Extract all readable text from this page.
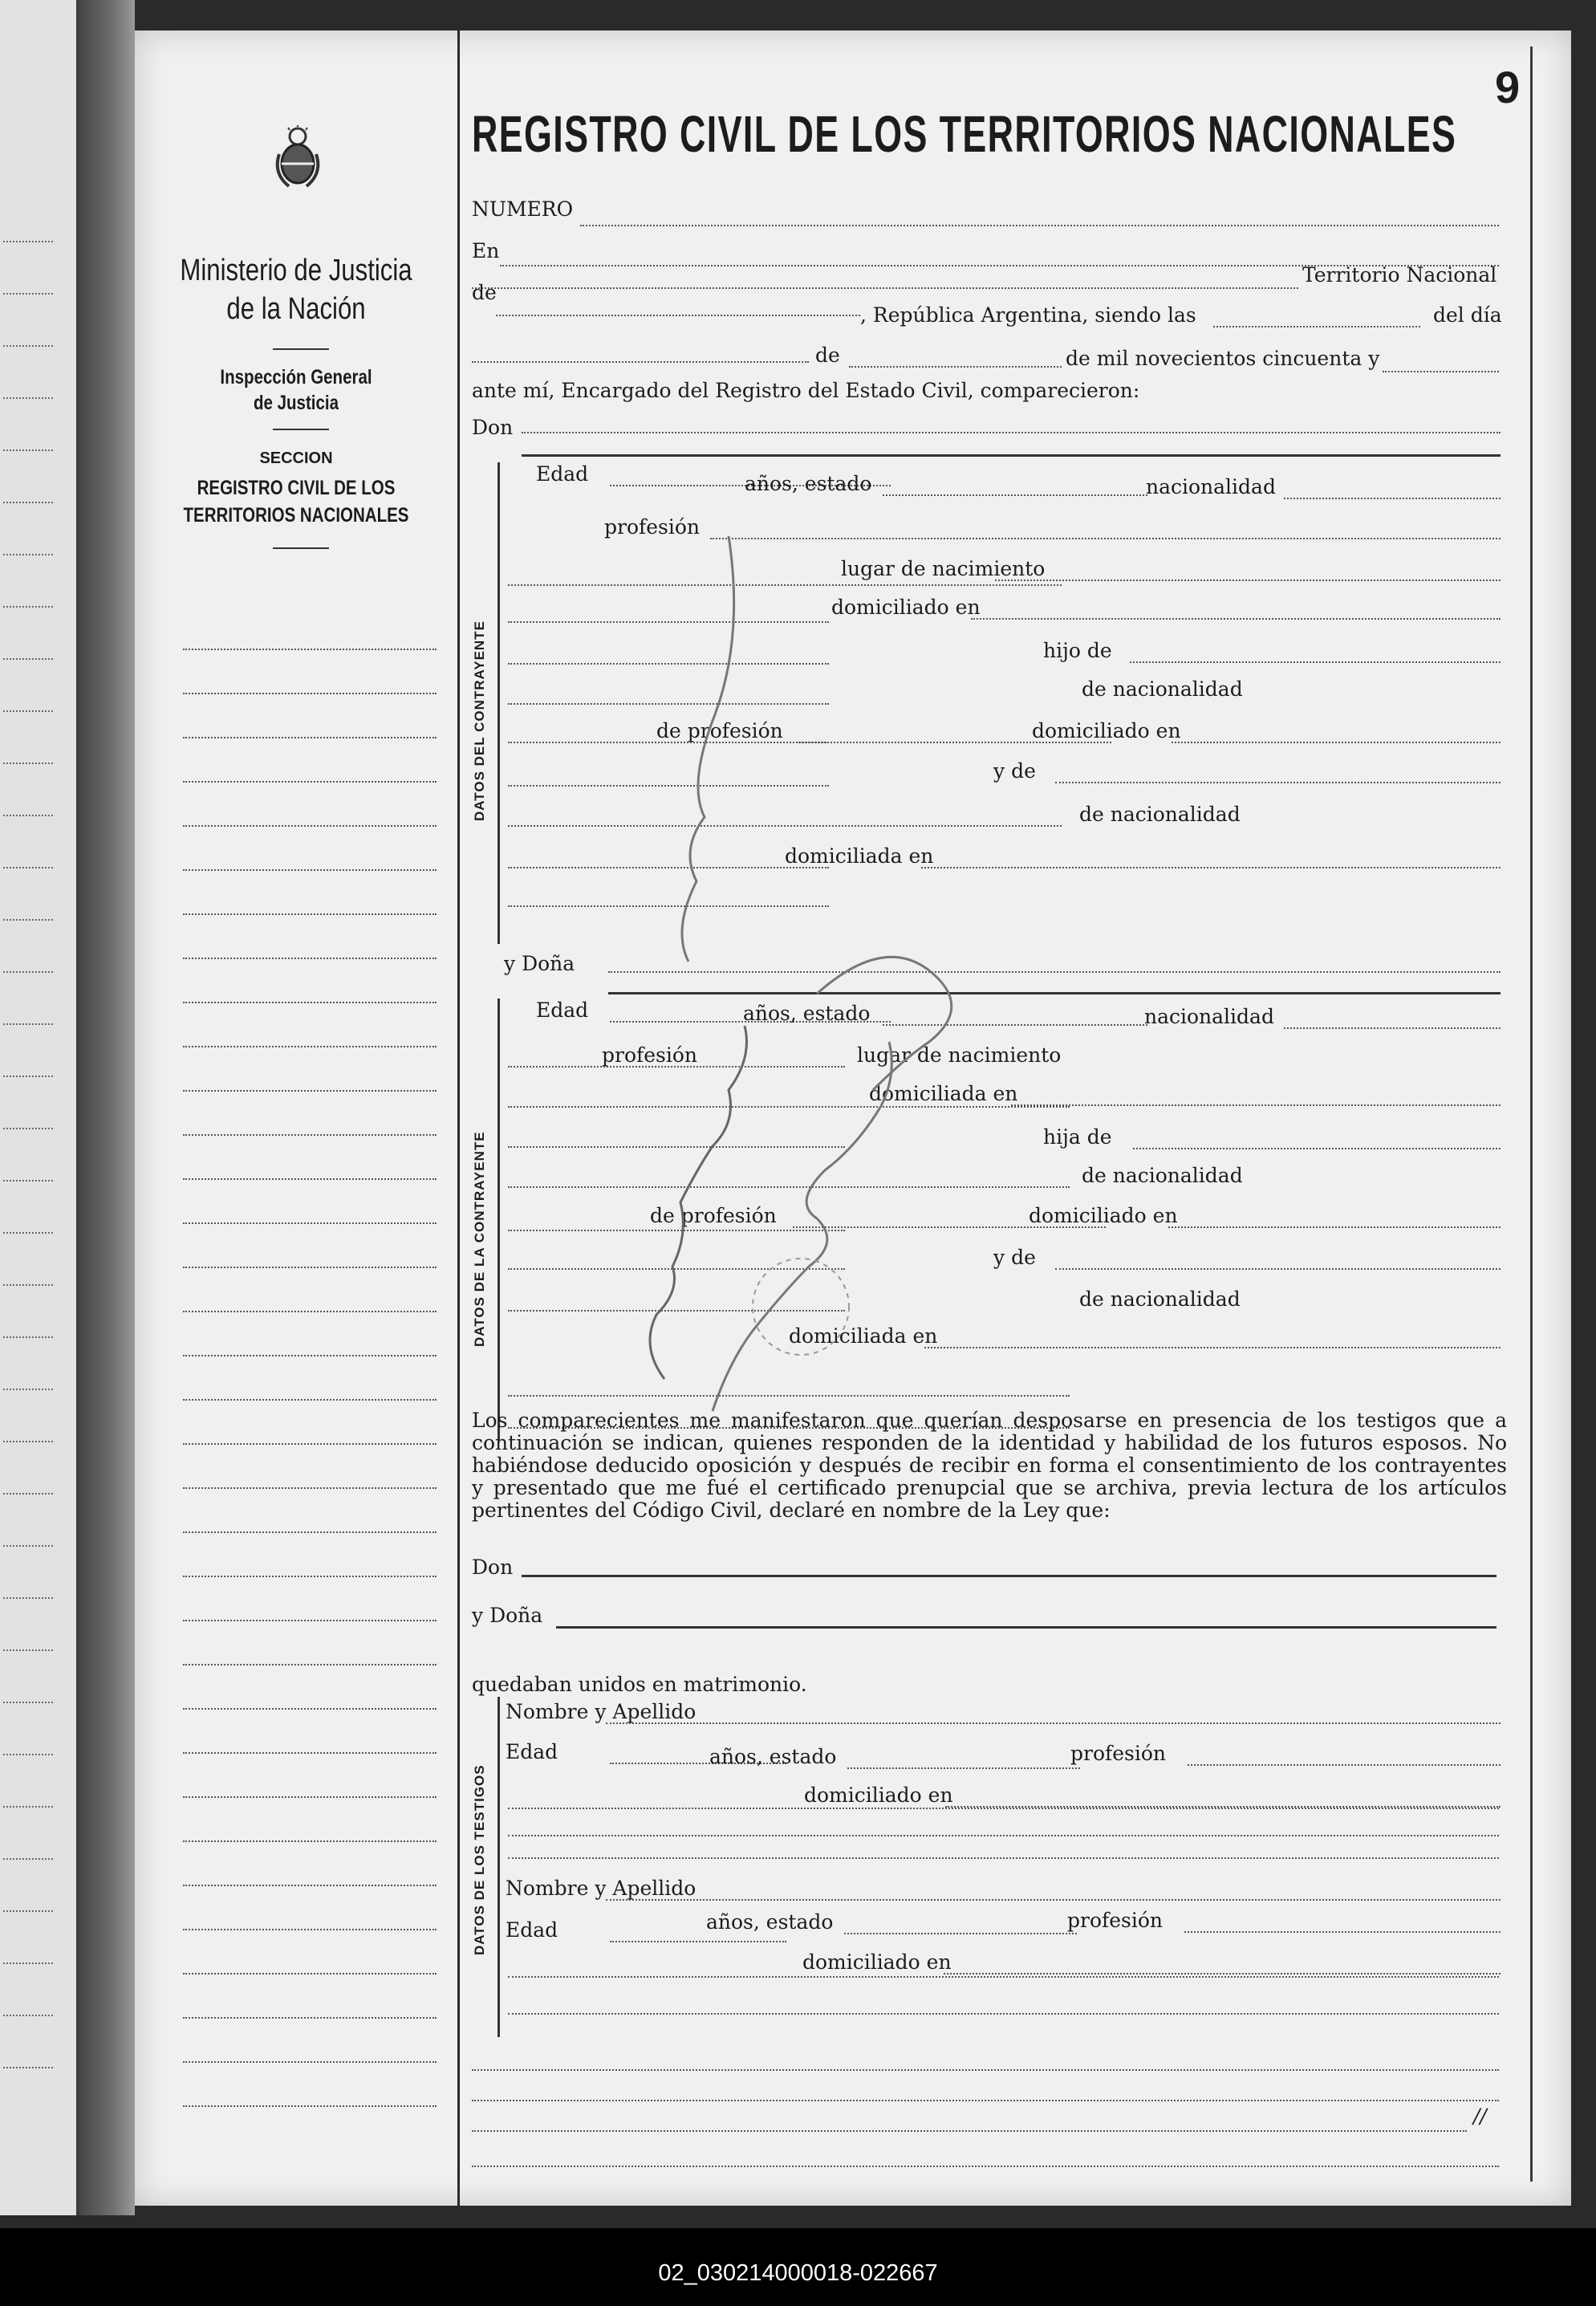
Ministerio de Justicia
de la Nación
Inspección General
de Justicia
SECCION
REGISTRO CIVIL DE LOS
TERRITORIOS NACIONALES
9
REGISTRO CIVIL DE LOS TERRITORIOS NACIONALES
NUMERO
En
Territorio Nacional
de
, República Argentina, siendo las	del día
de	de mil novecientos cincuenta y
ante mí, Encargado del Registro del Estado Civil, comparecieron:
Don
DATOS DEL CONTRAYENTE
Edad	años, estado	nacionalidad
profesión
lugar de nacimiento
domiciliado en
hijo de
de nacionalidad
de profesión	domiciliado en
y de
de nacionalidad
domiciliada en
y Doña
DATOS DE LA CONTRAYENTE
Edad	años, estado	nacionalidad
profesión	lugar de nacimiento
domiciliada en
hija de
de nacionalidad
de profesión	domiciliado en
y de
de nacionalidad
domiciliada en
Los comparecientes me manifestaron que querían desposarse en presencia de los testigos que a continuación se indican, quienes responden de la identidad y habilidad de los futuros esposos. No habiéndose deducido oposición y después de recibir en forma el consentimiento de los contrayentes y presentado que me fué el certificado prenupcial que se archiva, previa lectura de los artículos pertinentes del Código Civil, declaré en nombre de la Ley que:
Don
y Doña
quedaban unidos en matrimonio.
DATOS DE LOS TESTIGOS
Nombre y Apellido
Edad	años, estado	profesión
domiciliado en
Nombre y Apellido
Edad	años, estado	profesión
domiciliado en
//
02_030214000018-022667
